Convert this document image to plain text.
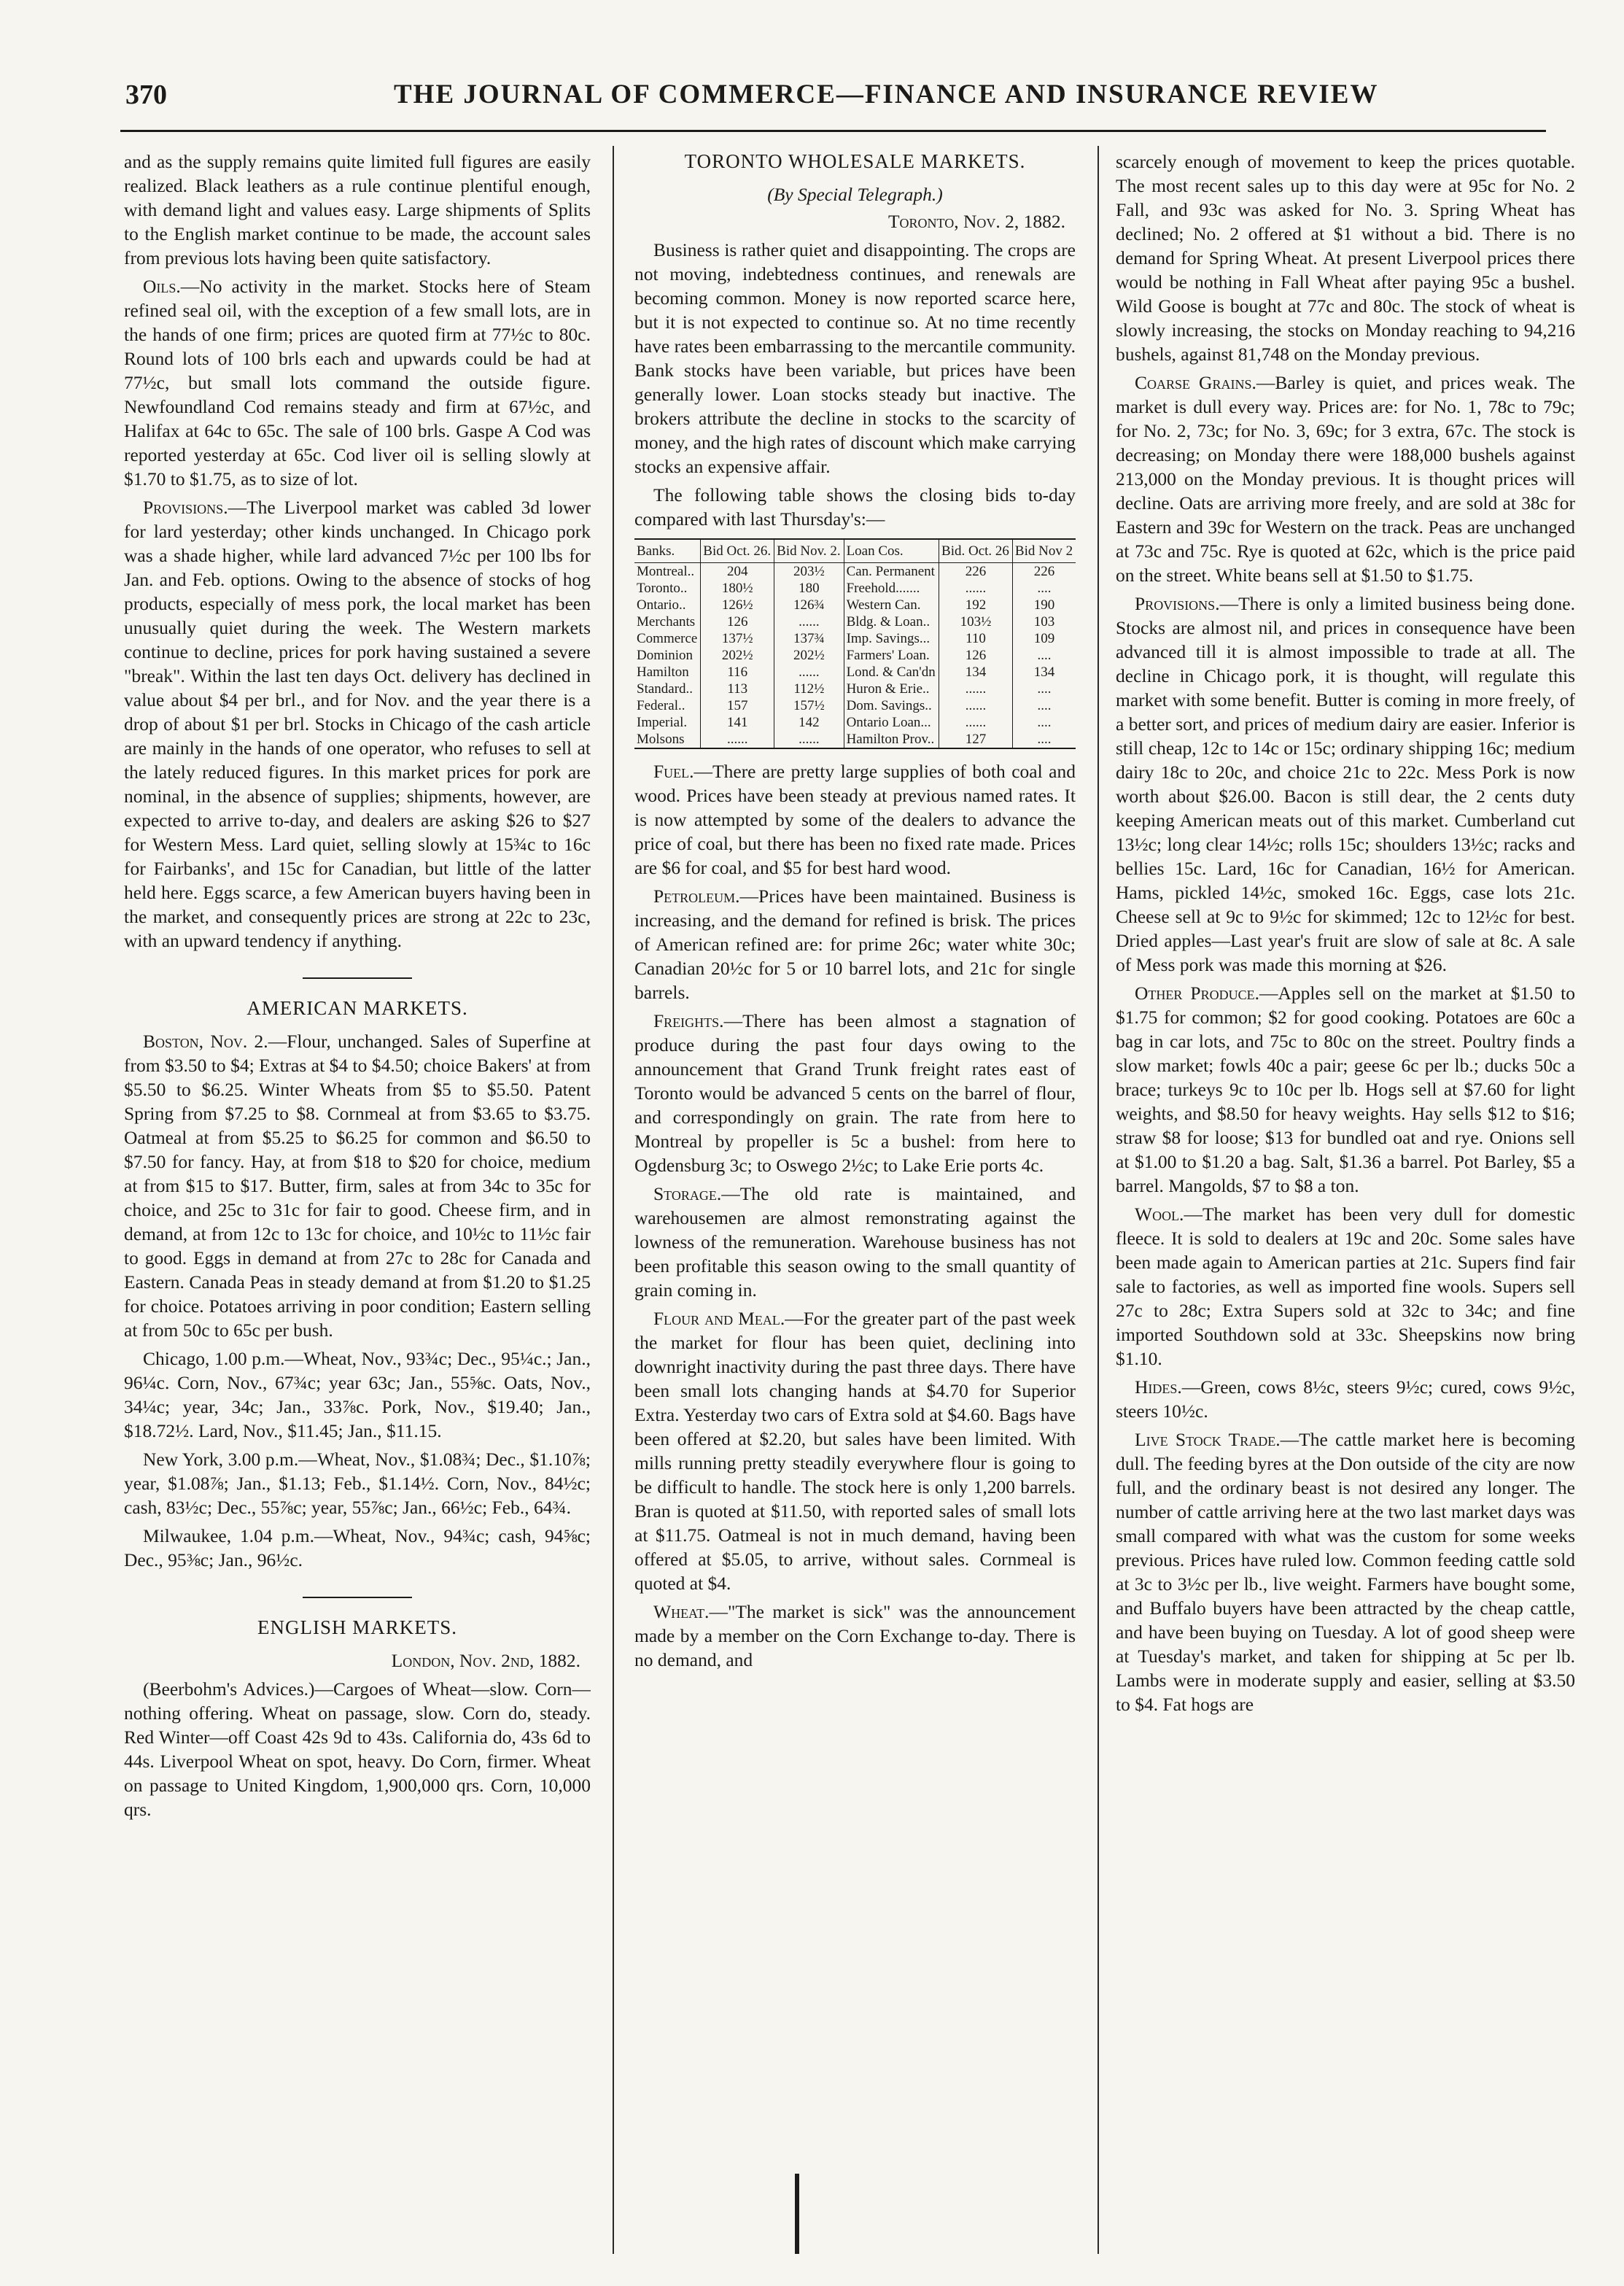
370	THE JOURNAL OF COMMERCE—FINANCE AND INSURANCE REVIEW

and as the supply remains quite limited full figures are easily realized. Black leathers as a rule continue plentiful enough, with demand light and values easy. Large shipments of Splits to the English market continue to be made, the account sales from previous lots having been quite satisfactory.

Oils.—No activity in the market. Stocks here of Steam refined seal oil, with the exception of a few small lots, are in the hands of one firm; prices are quoted firm at 77½c to 80c. Round lots of 100 brls each and upwards could be had at 77½c, but small lots command the outside figure. Newfoundland Cod remains steady and firm at 67½c, and Halifax at 64c to 65c. The sale of 100 brls. Gaspe A Cod was reported yesterday at 65c. Cod liver oil is selling slowly at $1.70 to $1.75, as to size of lot.

Provisions.—The Liverpool market was cabled 3d lower for lard yesterday; other kinds unchanged. In Chicago pork was a shade higher, while lard advanced 7½c per 100 lbs for Jan. and Feb. options. Owing to the absence of stocks of hog products, especially of mess pork, the local market has been unusually quiet during the week. The Western markets continue to decline, prices for pork having sustained a severe "break". Within the last ten days Oct. delivery has declined in value about $4 per brl., and for Nov. and the year there is a drop of about $1 per brl. Stocks in Chicago of the cash article are mainly in the hands of one operator, who refuses to sell at the lately reduced figures. In this market prices for pork are nominal, in the absence of supplies; shipments, however, are expected to arrive to-day, and dealers are asking $26 to $27 for Western Mess. Lard quiet, selling slowly at 15¾c to 16c for Fairbanks', and 15c for Canadian, but little of the latter held here. Eggs scarce, a few American buyers having been in the market, and consequently prices are strong at 22c to 23c, with an upward tendency if anything.

AMERICAN MARKETS.

Boston, Nov. 2.—Flour, unchanged. Sales of Superfine at from $3.50 to $4; Extras at $4 to $4.50; choice Bakers' at from $5.50 to $6.25. Winter Wheats from $5 to $5.50. Patent Spring from $7.25 to $8. Cornmeal at from $3.65 to $3.75. Oatmeal at from $5.25 to $6.25 for common and $6.50 to $7.50 for fancy. Hay, at from $18 to $20 for choice, medium at from $15 to $17. Butter, firm, sales at from 34c to 35c for choice, and 25c to 31c for fair to good. Cheese firm, and in demand, at from 12c to 13c for choice, and 10½c to 11½c fair to good. Eggs in demand at from 27c to 28c for Canada and Eastern. Canada Peas in steady demand at from $1.20 to $1.25 for choice. Potatoes arriving in poor condition; Eastern selling at from 50c to 65c per bush.

Chicago, 1.00 p.m.—Wheat, Nov., 93¾c; Dec., 95¼c.; Jan., 96¼c. Corn, Nov., 67¾c; year 63c; Jan., 55⅝c. Oats, Nov., 34¼c; year, 34c; Jan., 33⅞c. Pork, Nov., $19.40; Jan., $18.72½. Lard, Nov., $11.45; Jan., $11.15.

New York, 3.00 p.m.—Wheat, Nov., $1.08¾; Dec., $1.10⅞; year, $1.08⅞; Jan., $1.13; Feb., $1.14½. Corn, Nov., 84½c; cash, 83½c; Dec., 55⅞c; year, 55⅞c; Jan., 66½c; Feb., 64¾.

Milwaukee, 1.04 p.m.—Wheat, Nov., 94¾c; cash, 94⅝c; Dec., 95⅜c; Jan., 96½c.

ENGLISH MARKETS.

London, Nov. 2nd, 1882.

(Beerbohm's Advices.)—Cargoes of Wheat—slow. Corn—nothing offering. Wheat on passage, slow. Corn do, steady. Red Winter—off Coast 42s 9d to 43s. California do, 43s 6d to 44s. Liverpool Wheat on spot, heavy. Do Corn, firmer. Wheat on passage to United Kingdom, 1,900,000 qrs. Corn, 10,000 qrs.

TORONTO WHOLESALE MARKETS.

(By Special Telegraph.)

Toronto, Nov. 2, 1882.

Business is rather quiet and disappointing. The crops are not moving, indebtedness continues, and renewals are becoming common. Money is now reported scarce here, but it is not expected to continue so. At no time recently have rates been embarrassing to the mercantile community. Bank stocks have been variable, but prices have been generally lower. Loan stocks steady but inactive. The brokers attribute the decline in stocks to the scarcity of money, and the high rates of discount which make carrying stocks an expensive affair.

The following table shows the closing bids to-day compared with last Thursday's:—

Banks.	Bid Oct. 26.	Bid Nov. 2.	Loan Cos.	Bid. Oct. 26	Bid Nov 2
Montreal..	204	203½	Can. Permanent	226	226
Toronto..	180½	180	Freehold.......	......	....
Ontario..	126½	126¾	Western Can.	192	190
Merchants	126	......	Bldg. & Loan..	103½	103
Commerce	137½	137¾	Imp. Savings...	110	109
Dominion	202½	202½	Farmers' Loan.	126	....
Hamilton	116	......	Lond. & Can'dn	134	134
Standard..	113	112½	Huron & Erie..	......	....
Federal..	157	157½	Dom. Savings..	......	....
Imperial.	141	142	Ontario Loan...	......	....
Molsons	......	......	Hamilton Prov..	127	....

Fuel.—There are pretty large supplies of both coal and wood. Prices have been steady at previous named rates. It is now attempted by some of the dealers to advance the price of coal, but there has been no fixed rate made. Prices are $6 for coal, and $5 for best hard wood.

Petroleum.—Prices have been maintained. Business is increasing, and the demand for refined is brisk. The prices of American refined are: for prime 26c; water white 30c; Canadian 20½c for 5 or 10 barrel lots, and 21c for single barrels.

Freights.—There has been almost a stagnation of produce during the past four days owing to the announcement that Grand Trunk freight rates east of Toronto would be advanced 5 cents on the barrel of flour, and correspondingly on grain. The rate from here to Montreal by propeller is 5c a bushel: from here to Ogdensburg 3c; to Oswego 2½c; to Lake Erie ports 4c.

Storage.—The old rate is maintained, and warehousemen are almost remonstrating against the lowness of the remuneration. Warehouse business has not been profitable this season owing to the small quantity of grain coming in.

Flour and Meal.—For the greater part of the past week the market for flour has been quiet, declining into downright inactivity during the past three days. There have been small lots changing hands at $4.70 for Superior Extra. Yesterday two cars of Extra sold at $4.60. Bags have been offered at $2.20, but sales have been limited. With mills running pretty steadily everywhere flour is going to be difficult to handle. The stock here is only 1,200 barrels. Bran is quoted at $11.50, with reported sales of small lots at $11.75. Oatmeal is not in much demand, having been offered at $5.05, to arrive, without sales. Cornmeal is quoted at $4.

Wheat.—"The market is sick" was the announcement made by a member on the Corn Exchange to-day. There is no demand, and

scarcely enough of movement to keep the prices quotable. The most recent sales up to this day were at 95c for No. 2 Fall, and 93c was asked for No. 3. Spring Wheat has declined; No. 2 offered at $1 without a bid. There is no demand for Spring Wheat. At present Liverpool prices there would be nothing in Fall Wheat after paying 95c a bushel. Wild Goose is bought at 77c and 80c. The stock of wheat is slowly increasing, the stocks on Monday reaching to 94,216 bushels, against 81,748 on the Monday previous.

Coarse Grains.—Barley is quiet, and prices weak. The market is dull every way. Prices are: for No. 1, 78c to 79c; for No. 2, 73c; for No. 3, 69c; for 3 extra, 67c. The stock is decreasing; on Monday there were 188,000 bushels against 213,000 on the Monday previous. It is thought prices will decline. Oats are arriving more freely, and are sold at 38c for Eastern and 39c for Western on the track. Peas are unchanged at 73c and 75c. Rye is quoted at 62c, which is the price paid on the street. White beans sell at $1.50 to $1.75.

Provisions.—There is only a limited business being done. Stocks are almost nil, and prices in consequence have been advanced till it is almost impossible to trade at all. The decline in Chicago pork, it is thought, will regulate this market with some benefit. Butter is coming in more freely, of a better sort, and prices of medium dairy are easier. Inferior is still cheap, 12c to 14c or 15c; ordinary shipping 16c; medium dairy 18c to 20c, and choice 21c to 22c. Mess Pork is now worth about $26.00. Bacon is still dear, the 2 cents duty keeping American meats out of this market. Cumberland cut 13½c; long clear 14½c; rolls 15c; shoulders 13½c; racks and bellies 15c. Lard, 16c for Canadian, 16½ for American. Hams, pickled 14½c, smoked 16c. Eggs, case lots 21c. Cheese sell at 9c to 9½c for skimmed; 12c to 12½c for best. Dried apples—Last year's fruit are slow of sale at 8c. A sale of Mess pork was made this morning at $26.

Other Produce.—Apples sell on the market at $1.50 to $1.75 for common; $2 for good cooking. Potatoes are 60c a bag in car lots, and 75c to 80c on the street. Poultry finds a slow market; fowls 40c a pair; geese 6c per lb.; ducks 50c a brace; turkeys 9c to 10c per lb. Hogs sell at $7.60 for light weights, and $8.50 for heavy weights. Hay sells $12 to $16; straw $8 for loose; $13 for bundled oat and rye. Onions sell at $1.00 to $1.20 a bag. Salt, $1.36 a barrel. Pot Barley, $5 a barrel. Mangolds, $7 to $8 a ton.

Wool.—The market has been very dull for domestic fleece. It is sold to dealers at 19c and 20c. Some sales have been made again to American parties at 21c. Supers find fair sale to factories, as well as imported fine wools. Supers sell 27c to 28c; Extra Supers sold at 32c to 34c; and fine imported Southdown sold at 33c. Sheepskins now bring $1.10.

Hides.—Green, cows 8½c, steers 9½c; cured, cows 9½c, steers 10½c.

Live Stock Trade.—The cattle market here is becoming dull. The feeding byres at the Don outside of the city are now full, and the ordinary beast is not desired any longer. The number of cattle arriving here at the two last market days was small compared with what was the custom for some weeks previous. Prices have ruled low. Common feeding cattle sold at 3c to 3½c per lb., live weight. Farmers have bought some, and Buffalo buyers have been attracted by the cheap cattle, and have been buying on Tuesday. A lot of good sheep were at Tuesday's market, and taken for shipping at 5c per lb. Lambs were in moderate supply and easier, selling at $3.50 to $4. Fat hogs are
